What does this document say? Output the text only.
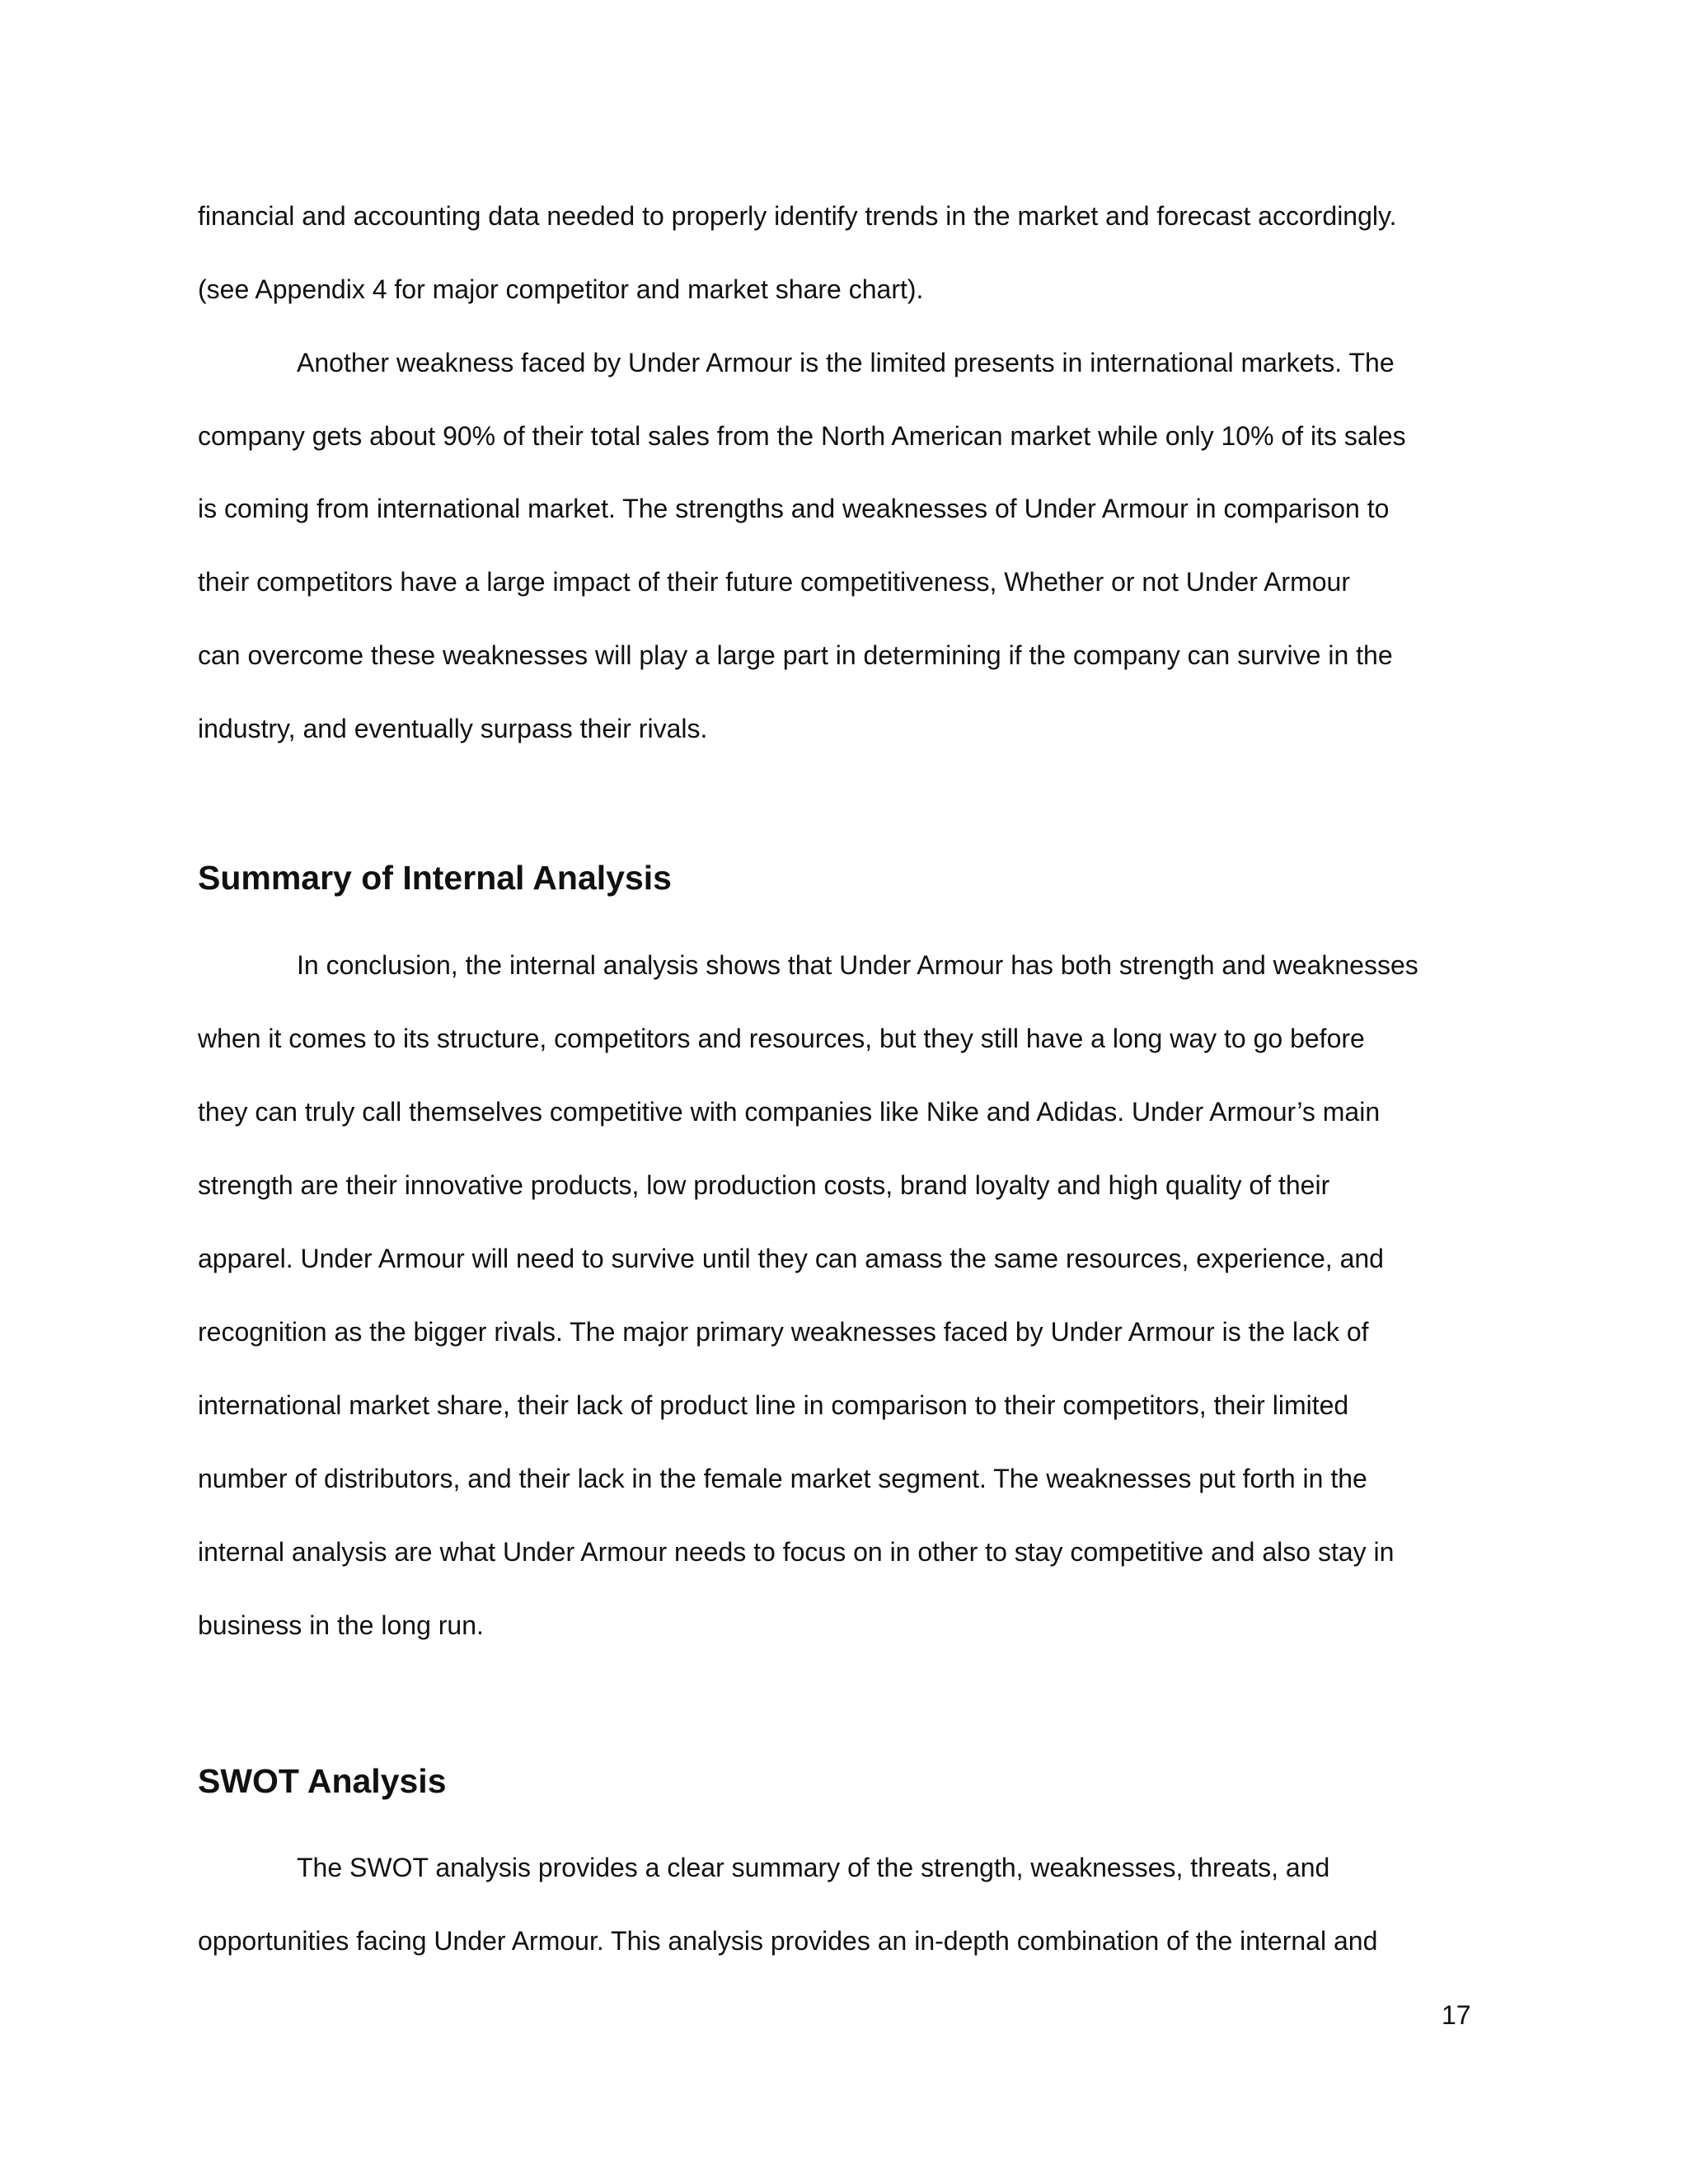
financial and accounting data needed to properly identify trends in the market and forecast accordingly.
(see Appendix 4 for major competitor and market share chart).
Another weakness faced by Under Armour is the limited presents in international markets. The
company gets about 90% of their total sales from the North American market while only 10% of its sales
is coming from international market. The strengths and weaknesses of Under Armour in comparison to
their competitors have a large impact of their future competitiveness, Whether or not Under Armour
can overcome these weaknesses will play a large part in determining if the company can survive in the
industry, and eventually surpass their rivals.
Summary of Internal Analysis
In conclusion, the internal analysis shows that Under Armour has both strength and weaknesses
when it comes to its structure, competitors and resources, but they still have a long way to go before
they can truly call themselves competitive with companies like Nike and Adidas. Under Armour’s main
strength are their innovative products, low production costs, brand loyalty and high quality of their
apparel. Under Armour will need to survive until they can amass the same resources, experience, and
recognition as the bigger rivals. The major primary weaknesses faced by Under Armour is the lack of
international market share, their lack of product line in comparison to their competitors, their limited
number of distributors, and their lack in the female market segment. The weaknesses put forth in the
internal analysis are what Under Armour needs to focus on in other to stay competitive and also stay in
business in the long run.
SWOT Analysis
The SWOT analysis provides a clear summary of the strength, weaknesses, threats, and
opportunities facing Under Armour. This analysis provides an in-depth combination of the internal and
17
